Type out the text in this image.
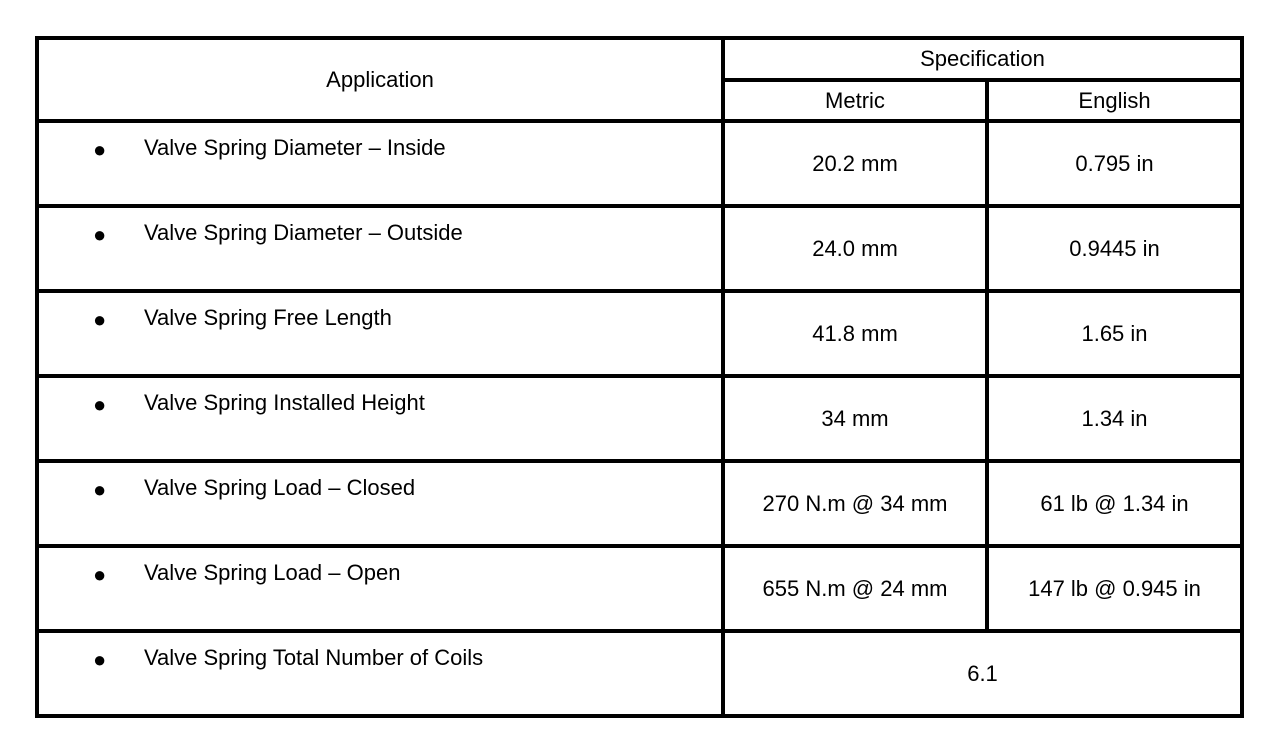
Application	Specification	
	Metric	English

● Valve Spring Diameter – Inside	20.2 mm	0.795 in

● Valve Spring Diameter – Outside	24.0 mm	0.9445 in

● Valve Spring Free Length	41.8 mm	1.65 in

● Valve Spring Installed Height	34 mm	1.34 in

● Valve Spring Load – Closed	270 N.m @ 34 mm	61 lb @ 1.34 in

● Valve Spring Load – Open	655 N.m @ 24 mm	147 lb @ 0.945 in

● Valve Spring Total Number of Coils	6.1	
